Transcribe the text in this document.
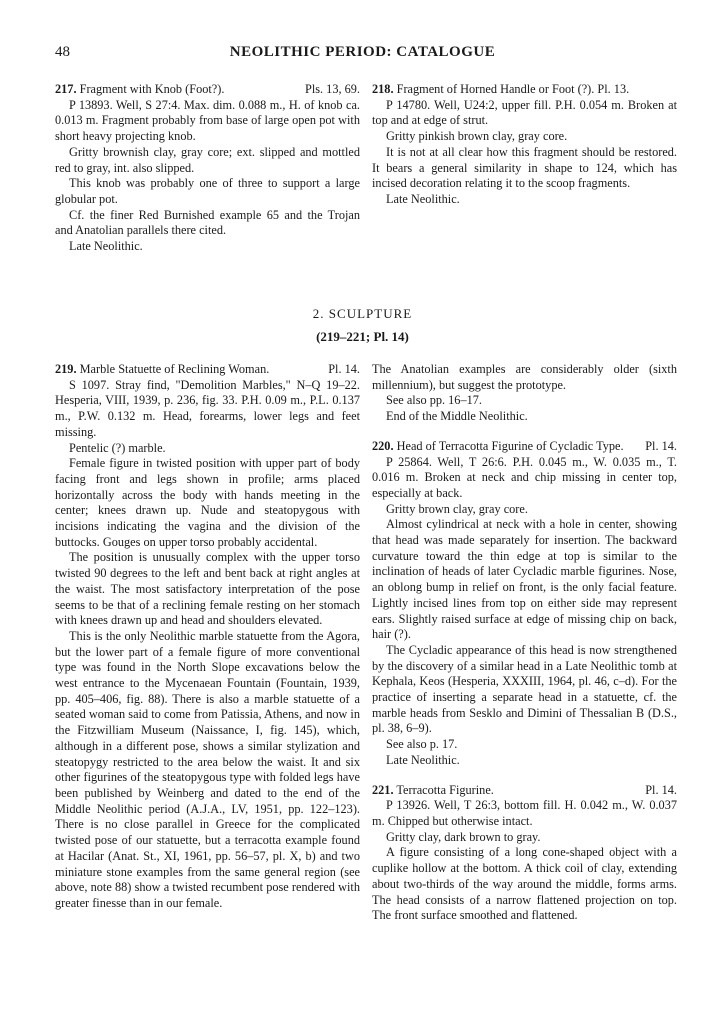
48	NEOLITHIC PERIOD: CATALOGUE

217. Fragment with Knob (Foot?).	Pls. 13, 69.

P 13893. Well, S 27:4. Max. dim. 0.088 m., H. of knob ca. 0.013 m. Fragment probably from base of large open pot with short heavy projecting knob.

Gritty brownish clay, gray core; ext. slipped and mottled red to gray, int. also slipped.

This knob was probably one of three to support a large globular pot.

Cf. the finer Red Burnished example 65 and the Trojan and Anatolian parallels there cited.

Late Neolithic.

218. Fragment of Horned Handle or Foot (?). Pl. 13.

P 14780. Well, U24:2, upper fill. P.H. 0.054 m. Broken at top and at edge of strut.

Gritty pinkish brown clay, gray core.

It is not at all clear how this fragment should be restored. It bears a general similarity in shape to 124, which has incised decoration relating it to the scoop fragments.

Late Neolithic.

2. SCULPTURE
(219–221; Pl. 14)

219. Marble Statuette of Reclining Woman.	Pl. 14.

S 1097. Stray find, "Demolition Marbles," N–Q 19–22. Hesperia, VIII, 1939, p. 236, fig. 33. P.H. 0.09 m., P.L. 0.137 m., P.W. 0.132 m. Head, forearms, lower legs and feet missing.

Pentelic (?) marble.

Female figure in twisted position with upper part of body facing front and legs shown in profile; arms placed horizontally across the body with hands meeting in the center; knees drawn up. Nude and steatopygous with incisions indicating the vagina and the division of the buttocks. Gouges on upper torso probably accidental.

The position is unusually complex with the upper torso twisted 90 degrees to the left and bent back at right angles at the waist. The most satisfactory interpretation of the pose seems to be that of a reclining female resting on her stomach with knees drawn up and head and shoulders elevated.

This is the only Neolithic marble statuette from the Agora, but the lower part of a female figure of more conventional type was found in the North Slope excavations below the west entrance to the Mycenaean Fountain (Fountain, 1939, pp. 405–406, fig. 88). There is also a marble statuette of a seated woman said to come from Patissia, Athens, and now in the Fitzwilliam Museum (Naissance, I, fig. 145), which, although in a different pose, shows a similar stylization and steatopygy restricted to the area below the waist. It and six other figurines of the steatopygous type with folded legs have been published by Weinberg and dated to the end of the Middle Neolithic period (A.J.A., LV, 1951, pp. 122–123). There is no close parallel in Greece for the complicated twisted pose of our statuette, but a terracotta example found at Hacilar (Anat. St., XI, 1961, pp. 56–57, pl. X, b) and two miniature stone examples from the same general region (see above, note 88) show a twisted recumbent pose rendered with greater finesse than in our female.

The Anatolian examples are considerably older (sixth millennium), but suggest the prototype.

See also pp. 16–17.

End of the Middle Neolithic.

220. Head of Terracotta Figurine of Cycladic Type. Pl. 14.

P 25864. Well, T 26:6. P.H. 0.045 m., W. 0.035 m., T. 0.016 m. Broken at neck and chip missing in center top, especially at back.

Gritty brown clay, gray core.

Almost cylindrical at neck with a hole in center, showing that head was made separately for insertion. The backward curvature toward the thin edge at top is similar to the inclination of heads of later Cycladic marble figurines. Nose, an oblong bump in relief on front, is the only facial feature. Lightly incised lines from top on either side may represent ears. Slightly raised surface at edge of missing chip on back, hair (?).

The Cycladic appearance of this head is now strengthened by the discovery of a similar head in a Late Neolithic tomb at Kephala, Keos (Hesperia, XXXIII, 1964, pl. 46, c–d). For the practice of inserting a separate head in a statuette, cf. the marble heads from Sesklo and Dimini of Thessalian B (D.S., pl. 38, 6–9).

See also p. 17.

Late Neolithic.

221. Terracotta Figurine.	Pl. 14.

P 13926. Well, T 26:3, bottom fill. H. 0.042 m., W. 0.037 m. Chipped but otherwise intact.

Gritty clay, dark brown to gray.

A figure consisting of a long cone-shaped object with a cuplike hollow at the bottom. A thick coil of clay, extending about two-thirds of the way around the middle, forms arms. The head consists of a narrow flattened projection on top. The front surface smoothed and flattened.
